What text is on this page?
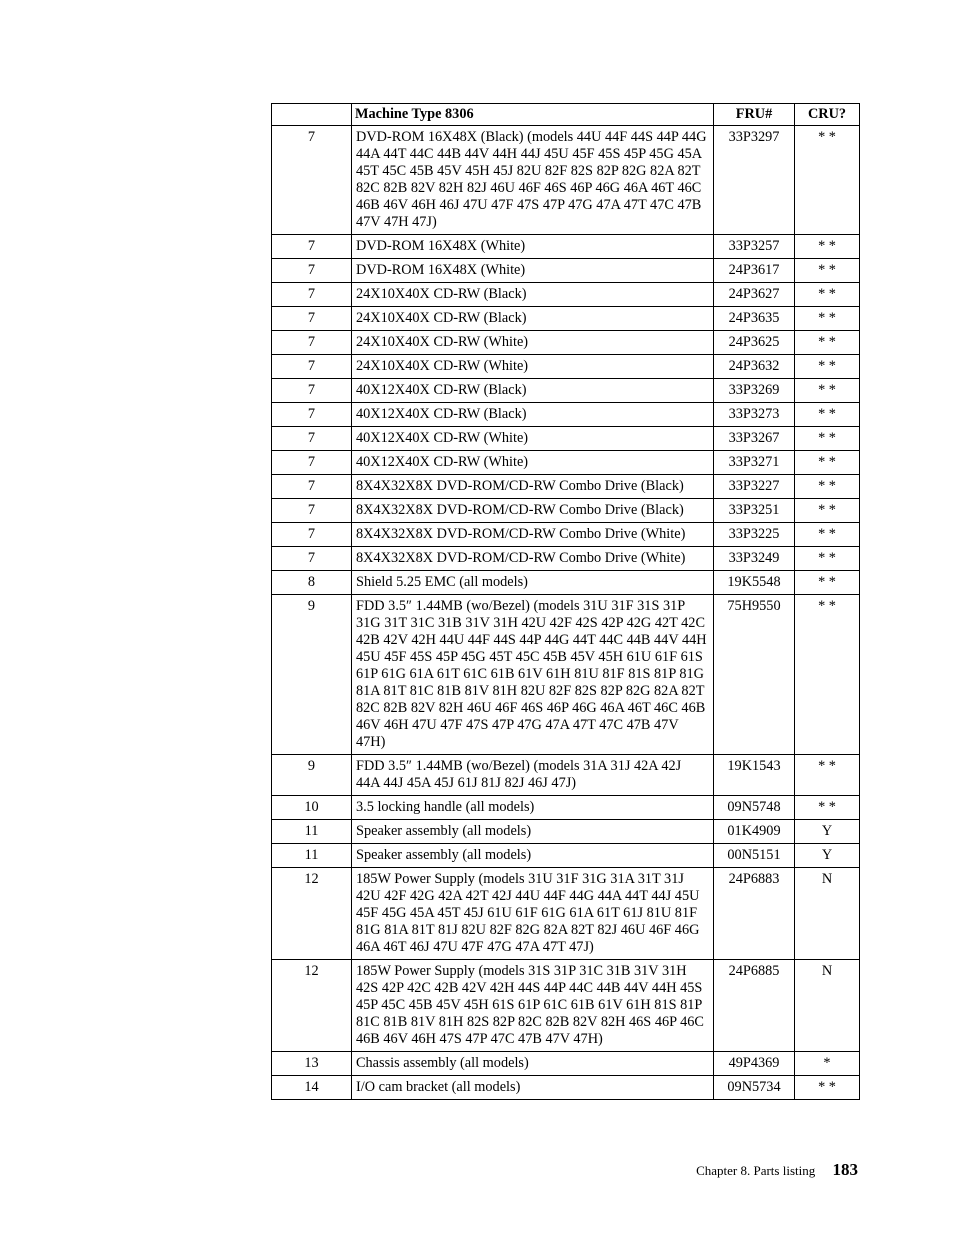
	Machine Type 8306	FRU#	CRU?
7	DVD-ROM 16X48X (Black) (models 44U 44F 44S 44P 44G 44A 44T 44C 44B 44V 44H 44J 45U 45F 45S 45P 45G 45A 45T 45C 45B 45V 45H 45J 82U 82F 82S 82P 82G 82A 82T 82C 82B 82V 82H 82J 46U 46F 46S 46P 46G 46A 46T 46C 46B 46V 46H 46J 47U 47F 47S 47P 47G 47A 47T 47C 47B 47V 47H 47J)	33P3297	* *
7	DVD-ROM 16X48X (White)	33P3257	* *
7	DVD-ROM 16X48X (White)	24P3617	* *
7	24X10X40X CD-RW (Black)	24P3627	* *
7	24X10X40X CD-RW (Black)	24P3635	* *
7	24X10X40X CD-RW (White)	24P3625	* *
7	24X10X40X CD-RW (White)	24P3632	* *
7	40X12X40X CD-RW (Black)	33P3269	* *
7	40X12X40X CD-RW (Black)	33P3273	* *
7	40X12X40X CD-RW (White)	33P3267	* *
7	40X12X40X CD-RW (White)	33P3271	* *
7	8X4X32X8X DVD-ROM/CD-RW Combo Drive (Black)	33P3227	* *
7	8X4X32X8X DVD-ROM/CD-RW Combo Drive (Black)	33P3251	* *
7	8X4X32X8X DVD-ROM/CD-RW Combo Drive (White)	33P3225	* *
7	8X4X32X8X DVD-ROM/CD-RW Combo Drive (White)	33P3249	* *
8	Shield 5.25 EMC (all models)	19K5548	* *
9	FDD 3.5″ 1.44MB (wo/Bezel) (models 31U 31F 31S 31P 31G 31T 31C 31B 31V 31H 42U 42F 42S 42P 42G 42T 42C 42B 42V 42H 44U 44F 44S 44P 44G 44T 44C 44B 44V 44H 45U 45F 45S 45P 45G 45T 45C 45B 45V 45H 61U 61F 61S 61P 61G 61A 61T 61C 61B 61V 61H 81U 81F 81S 81P 81G 81A 81T 81C 81B 81V 81H 82U 82F 82S 82P 82G 82A 82T 82C 82B 82V 82H 46U 46F 46S 46P 46G 46A 46T 46C 46B 46V 46H 47U 47F 47S 47P 47G 47A 47T 47C 47B 47V 47H)	75H9550	* *
9	FDD 3.5″ 1.44MB (wo/Bezel) (models 31A 31J 42A 42J 44A 44J 45A 45J 61J 81J 82J 46J 47J)	19K1543	* *
10	3.5 locking handle (all models)	09N5748	* *
11	Speaker assembly (all models)	01K4909	Y
11	Speaker assembly (all models)	00N5151	Y
12	185W Power Supply (models 31U 31F 31G 31A 31T 31J 42U 42F 42G 42A 42T 42J 44U 44F 44G 44A 44T 44J 45U 45F 45G 45A 45T 45J 61U 61F 61G 61A 61T 61J 81U 81F 81G 81A 81T 81J 82U 82F 82G 82A 82T 82J 46U 46F 46G 46A 46T 46J 47U 47F 47G 47A 47T 47J)	24P6883	N
12	185W Power Supply (models 31S 31P 31C 31B 31V 31H 42S 42P 42C 42B 42V 42H 44S 44P 44C 44B 44V 44H 45S 45P 45C 45B 45V 45H 61S 61P 61C 61B 61V 61H 81S 81P 81C 81B 81V 81H 82S 82P 82C 82B 82V 82H 46S 46P 46C 46B 46V 46H 47S 47P 47C 47B 47V 47H)	24P6885	N
13	Chassis assembly (all models)	49P4369	*
14	I/O cam bracket (all models)	09N5734	* *
Chapter 8. Parts listing 183
